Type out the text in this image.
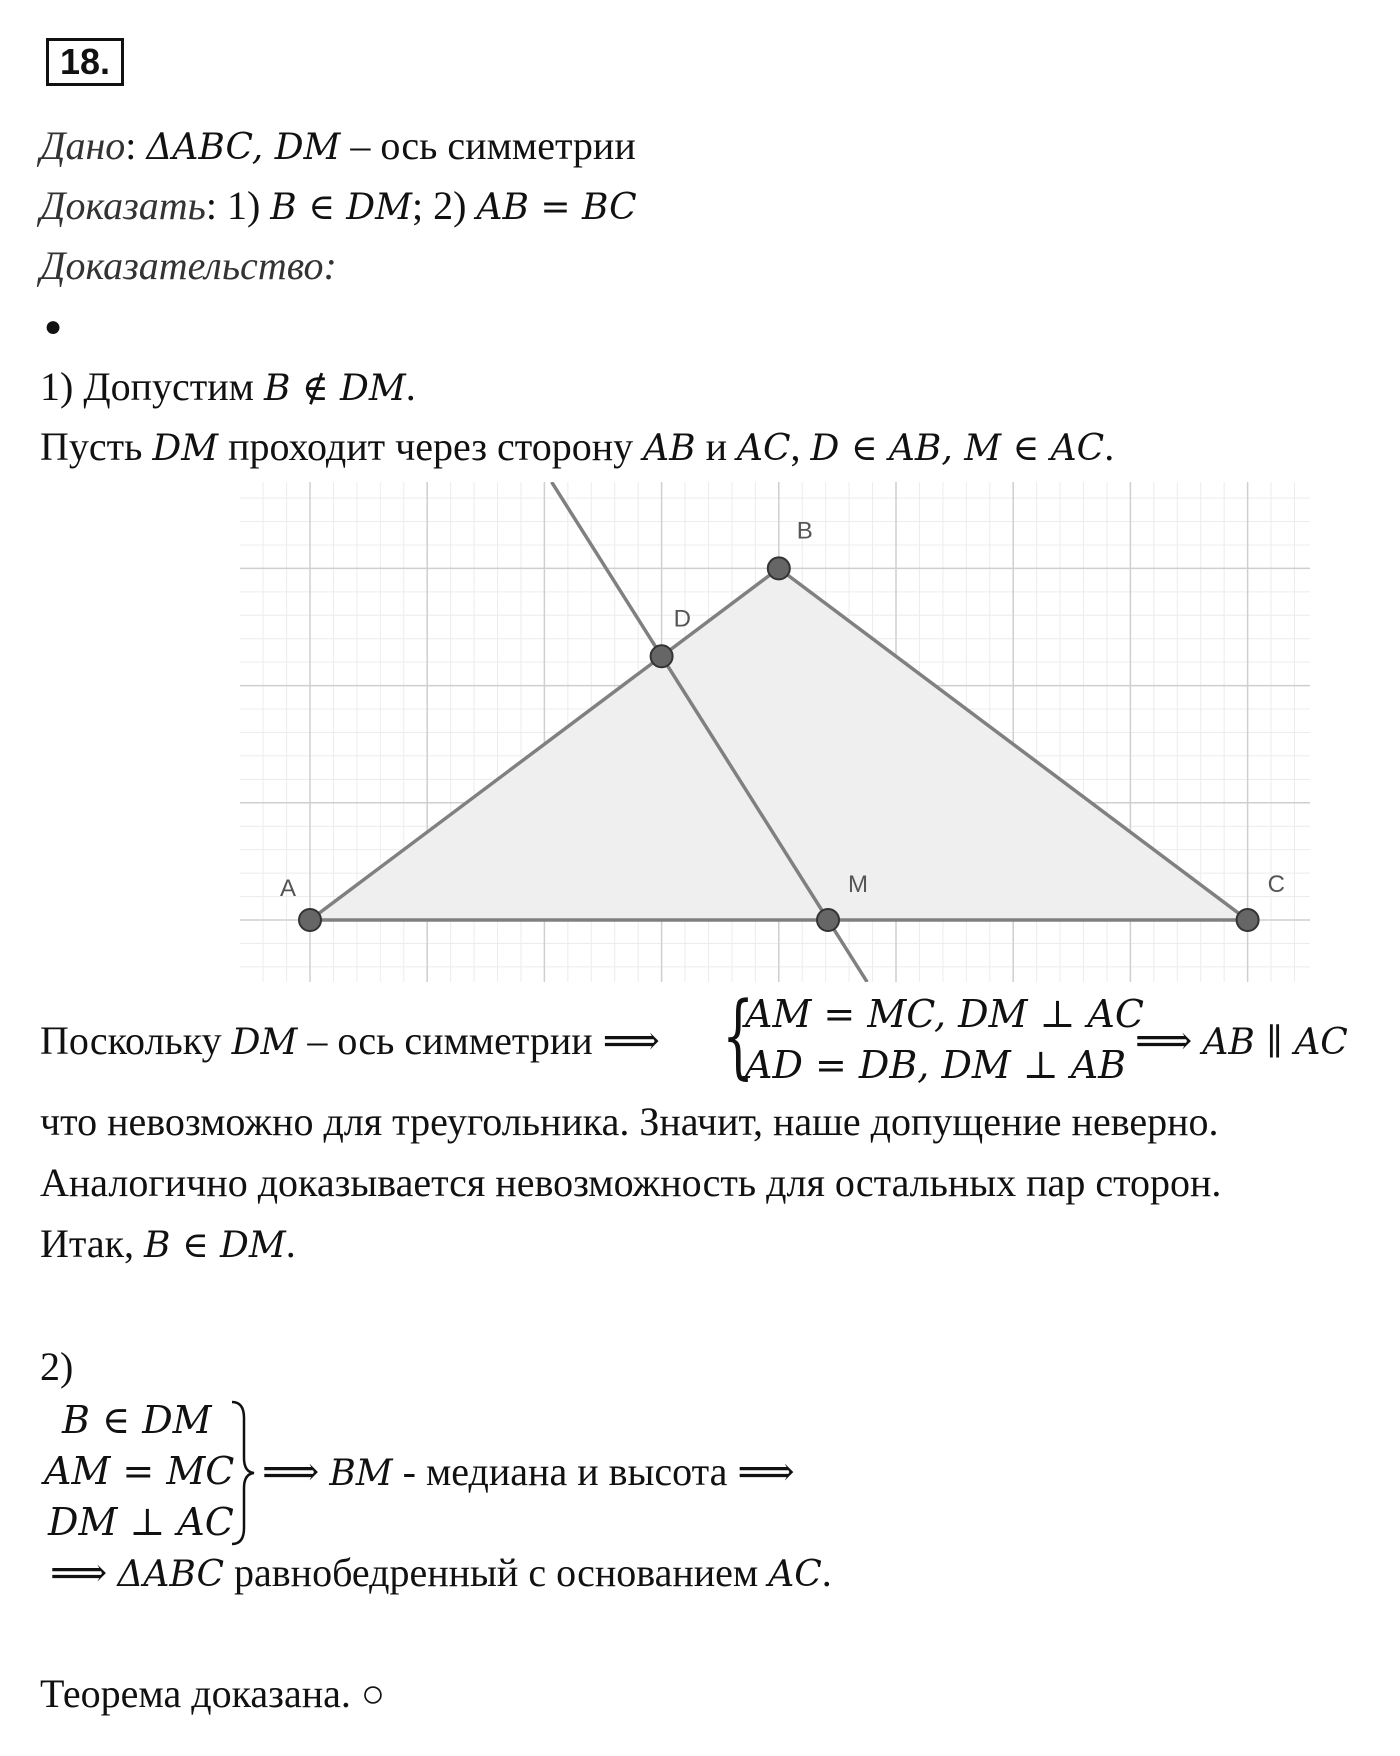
18.
Дано: ΔABC, DM – ось симметрии
Доказать: 1) B ∈ DM; 2) AB = BC
Доказательство:
●
1) Допустим B ∉ DM.
Пусть DM проходит через сторону AB и AC, D ∈ AB, M ∈ AC.
A
B
C
D
M
Поскольку DM – ось симметрии ⟹ {
AM = MC, DM ⊥ AC
AD = DB, DM ⊥ AB
⟹ AB ∥ AC
что невозможно для треугольника. Значит, наше допущение неверно.
Аналогично доказывается невозможность для остальных пар сторон.
Итак, B ∈ DM.
2)
B ∈ DM
AM = MC
DM ⊥ AC
⟹ BM - медиана и высота ⟹
⟹ ΔABC равнобедренный с основанием AC.
Теорема доказана. ○
